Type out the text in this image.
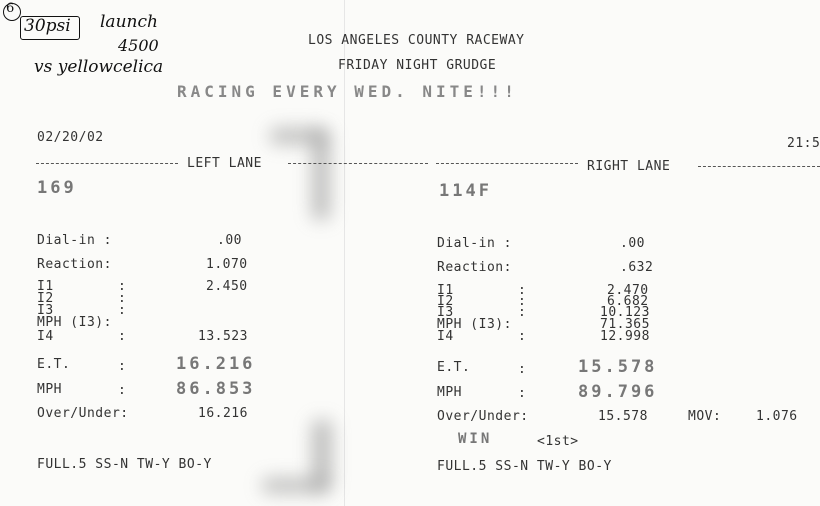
6
30psi launch
4500
vs yellowcelica
LOS ANGELES COUNTY RACEWAY
FRIDAY NIGHT GRUDGE
RACING EVERY WED. NITE!!!
02/20/02	21:5
LEFT LANE	RIGHT LANE
169
Dial-in :	.00
Reaction:	1.070
I1	:	2.450
I2	:
I3	:
MPH (I3):
I4	:	13.523
E.T.	:	16.216
MPH	:	86.853
Over/Under:	16.216
FULL.5 SS-N TW-Y BO-Y
114F
Dial-in :	.00
Reaction:	.632
I1	:	2.470
I2	:	6.682
I3	:	10.123
MPH (I3):	71.365
I4	:	12.998
E.T.	:	15.578
MPH	:	89.796
Over/Under:	15.578	MOV:	1.076
WIN	<1st>
FULL.5 SS-N TW-Y BO-Y
